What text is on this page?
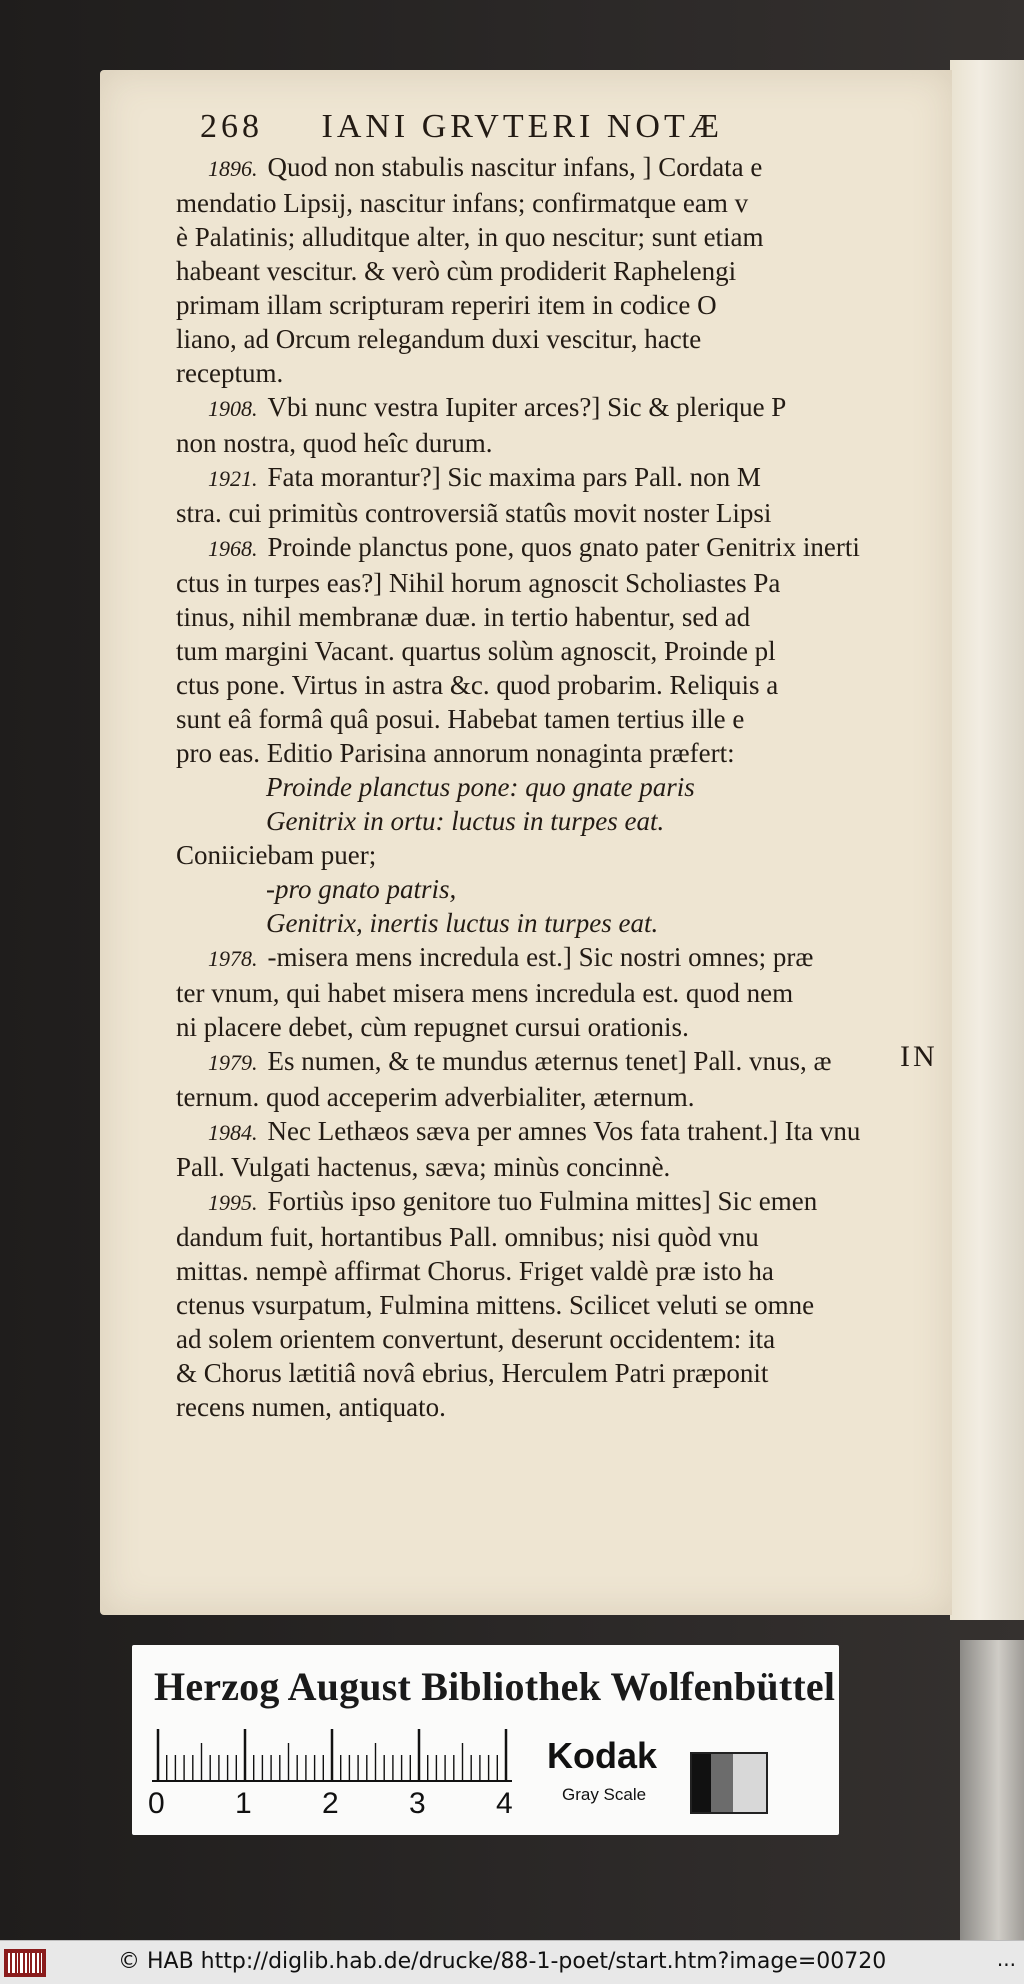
268 IANI GRVTERI NOTÆ
1896. Quod non stabulis nascitur infans, ] Cordata e
mendatio Lipsij, nascitur infans; confirmatque eam v
è Palatinis; alluditque alter, in quo nescitur; sunt etiam
habeant vescitur. & verò cùm prodiderit Raphelengi
primam illam scripturam reperiri item in codice O
liano, ad Orcum relegandum duxi vescitur, hacte
receptum.
1908. Vbi nunc vestra Iupiter arces?] Sic & plerique P
non nostra, quod heîc durum.
1921. Fata morantur?] Sic maxima pars Pall. non M
stra. cui primitùs controversiã statûs movit noster Lipsi
1968. Proinde planctus pone, quos gnato pater Genitrix inerti
ctus in turpes eas?] Nihil horum agnoscit Scholiastes Pa
tinus, nihil membranæ duæ. in tertio habentur, sed ad
tum margini Vacant. quartus solùm agnoscit, Proinde pl
ctus pone. Virtus in astra &c. quod probarim. Reliquis a
sunt eâ formâ quâ posui. Habebat tamen tertius ille e
pro eas. Editio Parisina annorum nonaginta præfert:
Proinde planctus pone: quo gnate paris
Genitrix in ortu: luctus in turpes eat.
Coniiciebam puer;
-pro gnato patris,
Genitrix, inertis luctus in turpes eat.
1978. -misera mens incredula est.] Sic nostri omnes; præ
ter vnum, qui habet misera mens incredula est. quod nem
ni placere debet, cùm repugnet cursui orationis.
1979. Es numen, & te mundus æternus tenet] Pall. vnus, æ
ternum. quod acceperim adverbialiter, æternum.
1984. Nec Lethæos sæva per amnes Vos fata trahent.] Ita vnu
Pall. Vulgati hactenus, sæva; minùs concinnè.
1995. Fortiùs ipso genitore tuo Fulmina mittes] Sic emen
dandum fuit, hortantibus Pall. omnibus; nisi quòd vnu
mittas. nempè affirmat Chorus. Friget valdè præ isto ha
ctenus vsurpatum, Fulmina mittens. Scilicet veluti se omne
ad solem orientem convertunt, deserunt occidentem: ita
& Chorus lætitiâ novâ ebrius, Herculem Patri præponit
recens numen, antiquato.
IN
Herzog August Bibliothek Wolfenbüttel
0 1 2 3 4
Kodak
Gray Scale
© HAB http://diglib.hab.de/drucke/88-1-poet/start.htm?image=00720	...
